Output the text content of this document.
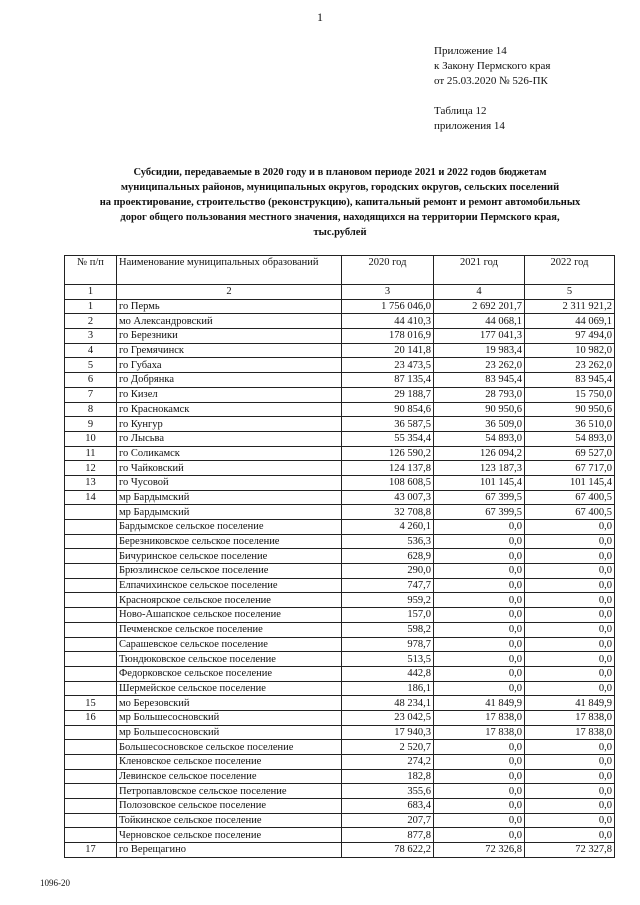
1
Приложение 14
к Закону Пермского края
от 25.03.2020 № 526-ПК
Таблица 12
приложения 14
Субсидии, передаваемые в 2020 году и в плановом периоде 2021 и 2022 годов бюджетам
муниципальных районов, муниципальных округов, городских округов, сельских поселений
на проектирование, строительство (реконструкцию), капитальный ремонт и ремонт автомобильных
дорог общего пользования местного значения, находящихся на территории Пермского края,
тыс.рублей
№ п/п	Наименование муниципальных образований	2020 год	2021 год	2022 год
1	2	3	4	5
1	го Пермь	1 756 046,0	2 692 201,7	2 311 921,2
2	мо Александровский	44 410,3	44 068,1	44 069,1
3	го Березники	178 016,9	177 041,3	97 494,0
4	го Гремячинск	20 141,8	19 983,4	10 982,0
5	го Губаха	23 473,5	23 262,0	23 262,0
6	го Добрянка	87 135,4	83 945,4	83 945,4
7	го Кизел	29 188,7	28 793,0	15 750,0
8	го Краснокамск	90 854,6	90 950,6	90 950,6
9	го Кунгур	36 587,5	36 509,0	36 510,0
10	го Лысьва	55 354,4	54 893,0	54 893,0
11	го Соликамск	126 590,2	126 094,2	69 527,0
12	го Чайковский	124 137,8	123 187,3	67 717,0
13	го Чусовой	108 608,5	101 145,4	101 145,4
14	мр Бардымский	43 007,3	67 399,5	67 400,5
	мр Бардымский	32 708,8	67 399,5	67 400,5
	Бардымское сельское поселение	4 260,1	0,0	0,0
	Березниковское сельское поселение	536,3	0,0	0,0
	Бичуринское сельское поселение	628,9	0,0	0,0
	Брюзлинское сельское поселение	290,0	0,0	0,0
	Елпачихинское сельское поселение	747,7	0,0	0,0
	Красноярское сельское поселение	959,2	0,0	0,0
	Ново-Ашапское сельское поселение	157,0	0,0	0,0
	Печменское сельское поселение	598,2	0,0	0,0
	Сарашевское сельское поселение	978,7	0,0	0,0
	Тюндюковское сельское поселение	513,5	0,0	0,0
	Федорковское сельское поселение	442,8	0,0	0,0
	Шермейское сельское поселение	186,1	0,0	0,0
15	мо Березовский	48 234,1	41 849,9	41 849,9
16	мр Большесосновский	23 042,5	17 838,0	17 838,0
	мр Большесосновский	17 940,3	17 838,0	17 838,0
	Большесосновское сельское поселение	2 520,7	0,0	0,0
	Кленовское сельское поселение	274,2	0,0	0,0
	Левинское сельское поселение	182,8	0,0	0,0
	Петропавловское сельское поселение	355,6	0,0	0,0
	Полозовское сельское поселение	683,4	0,0	0,0
	Тойкинское сельское поселение	207,7	0,0	0,0
	Черновское сельское поселение	877,8	0,0	0,0
17	го Верещагино	78 622,2	72 326,8	72 327,8
1096-20
